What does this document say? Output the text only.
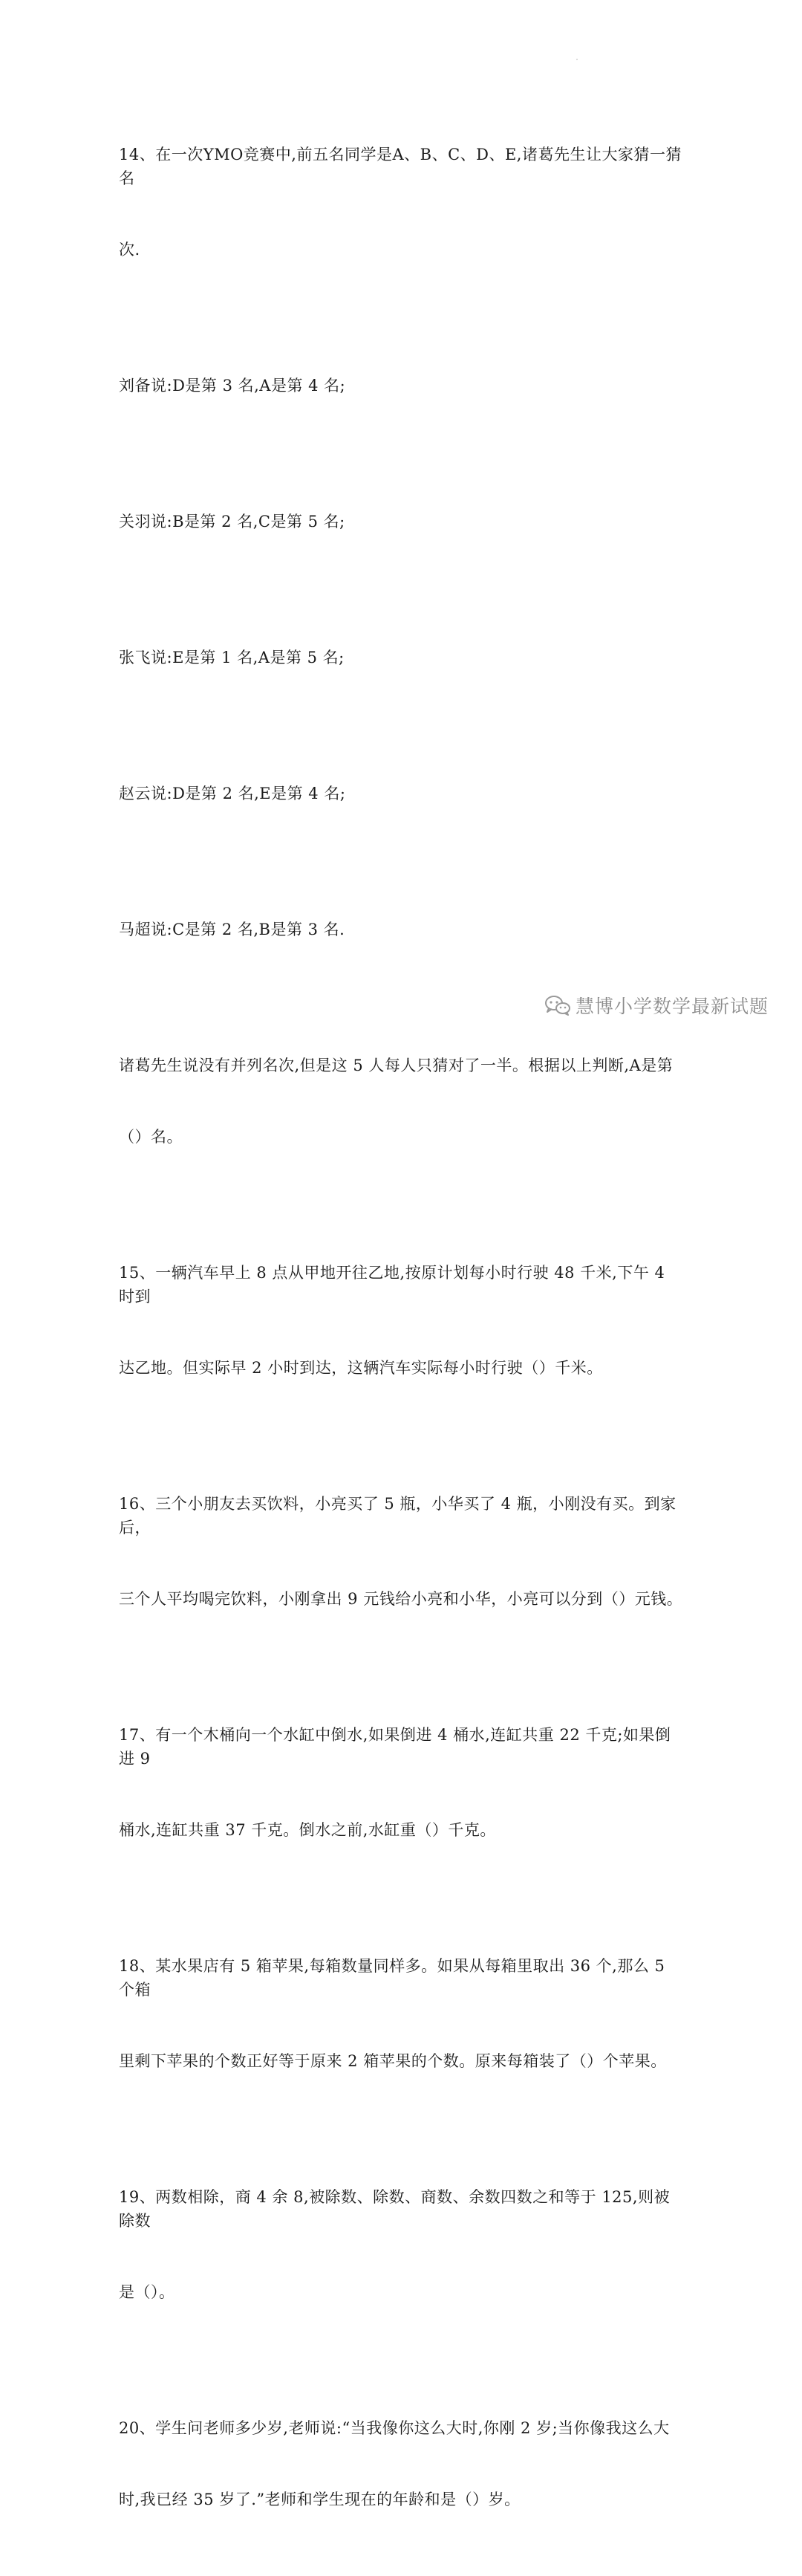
14、在一次YMO竞赛中,前五名同学是A、B、C、D、E,诸葛先生让大家猜一猜名

次.

刘备说:D是第 3 名,A是第 4 名;

关羽说:B是第 2 名,C是第 5 名;

张飞说:E是第 1 名,A是第 5 名;

赵云说:D是第 2 名,E是第 4 名;

马超说:C是第 2 名,B是第 3 名.

诸葛先生说没有并列名次,但是这 5 人每人只猜对了一半。根据以上判断,A是第

（）名。

15、一辆汽车早上 8 点从甲地开往乙地,按原计划每小时行驶 48 千米,下午 4 时到

达乙地。但实际早 2 小时到达，这辆汽车实际每小时行驶（）千米。

16、三个小朋友去买饮料，小亮买了 5 瓶，小华买了 4 瓶，小刚没有买。到家后，

三个人平均喝完饮料，小刚拿出 9 元钱给小亮和小华，小亮可以分到（）元钱。

17、有一个木桶向一个水缸中倒水,如果倒进 4 桶水,连缸共重 22 千克;如果倒进 9

桶水,连缸共重 37 千克。倒水之前,水缸重（）千克。

18、某水果店有 5 箱苹果,每箱数量同样多。如果从每箱里取出 36 个,那么 5 个箱

里剩下苹果的个数正好等于原来 2 箱苹果的个数。原来每箱装了（）个苹果。

19、两数相除，商 4 余 8,被除数、除数、商数、余数四数之和等于 125,则被除数

是（）。

20、学生问老师多少岁,老师说:“当我像你这么大时,你刚 2 岁;当你像我这么大

时,我已经 35 岁了.”老师和学生现在的年龄和是（）岁。

慧博小学数学最新试题
